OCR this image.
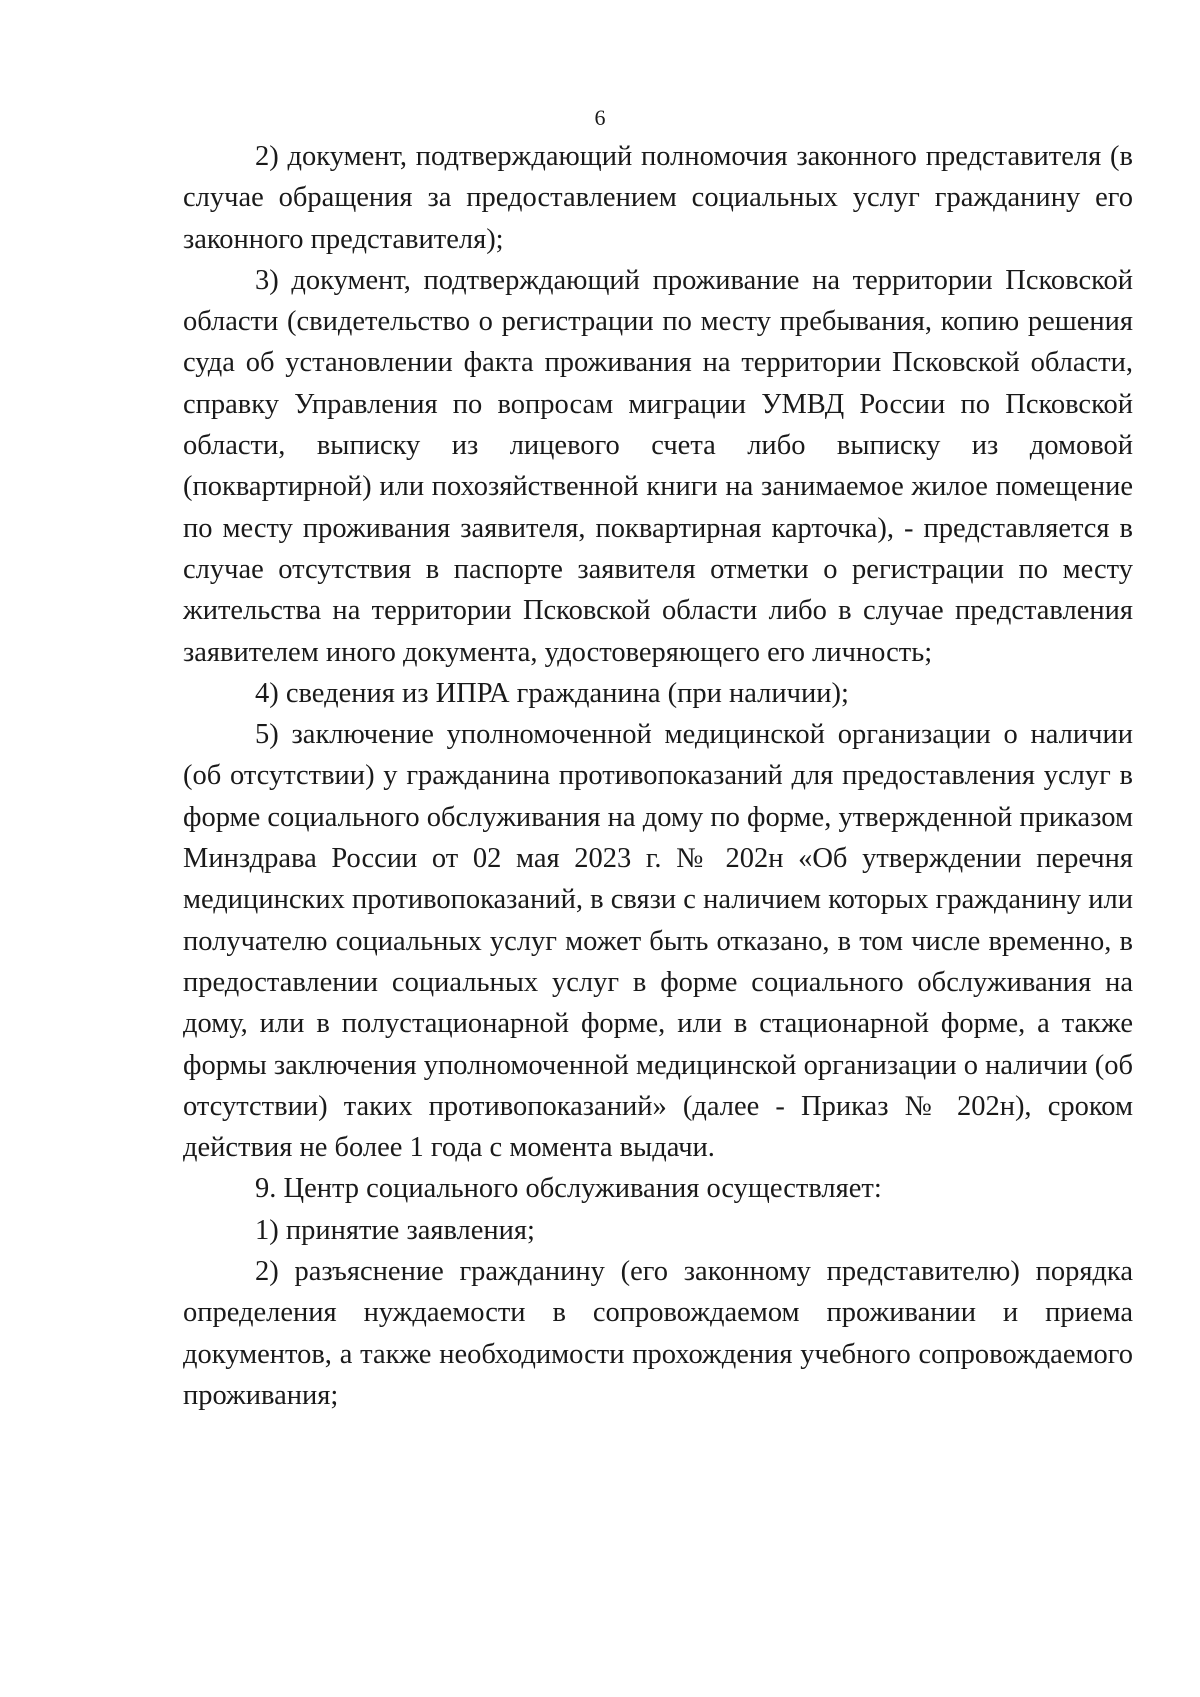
6

2) документ, подтверждающий полномочия законного представителя (в случае обращения за предоставлением социальных услуг гражданину его законного представителя);

3) документ, подтверждающий проживание на территории Псковской области (свидетельство о регистрации по месту пребывания, копию решения суда об установлении факта проживания на территории Псковской области, справку Управления по вопросам миграции УМВД России по Псковской области, выписку из лицевого счета либо выписку из домовой (поквартирной) или похозяйственной книги на занимаемое жилое помещение по месту проживания заявителя, поквартирная карточка), - представляется в случае отсутствия в паспорте заявителя отметки о регистрации по месту жительства на территории Псковской области либо в случае представления заявителем иного документа, удостоверяющего его личность;

4) сведения из ИПРА гражданина (при наличии);

5) заключение уполномоченной медицинской организации о наличии (об отсутствии) у гражданина противопоказаний для предоставления услуг в форме социального обслуживания на дому по форме, утвержденной приказом Минздрава России от 02 мая 2023 г. № 202н «Об утверждении перечня медицинских противопоказаний, в связи с наличием которых гражданину или получателю социальных услуг может быть отказано, в том числе временно, в предоставлении социальных услуг в форме социального обслуживания на дому, или в полустационарной форме, или в стационарной форме, а также формы заключения уполномоченной медицинской организации о наличии (об отсутствии) таких противопоказаний» (далее - Приказ № 202н), сроком действия не более 1 года с момента выдачи.

9. Центр социального обслуживания осуществляет:

1) принятие заявления;

2) разъяснение гражданину (его законному представителю) порядка определения нуждаемости в сопровождаемом проживании и приема документов, а также необходимости прохождения учебного сопровождаемого проживания;
